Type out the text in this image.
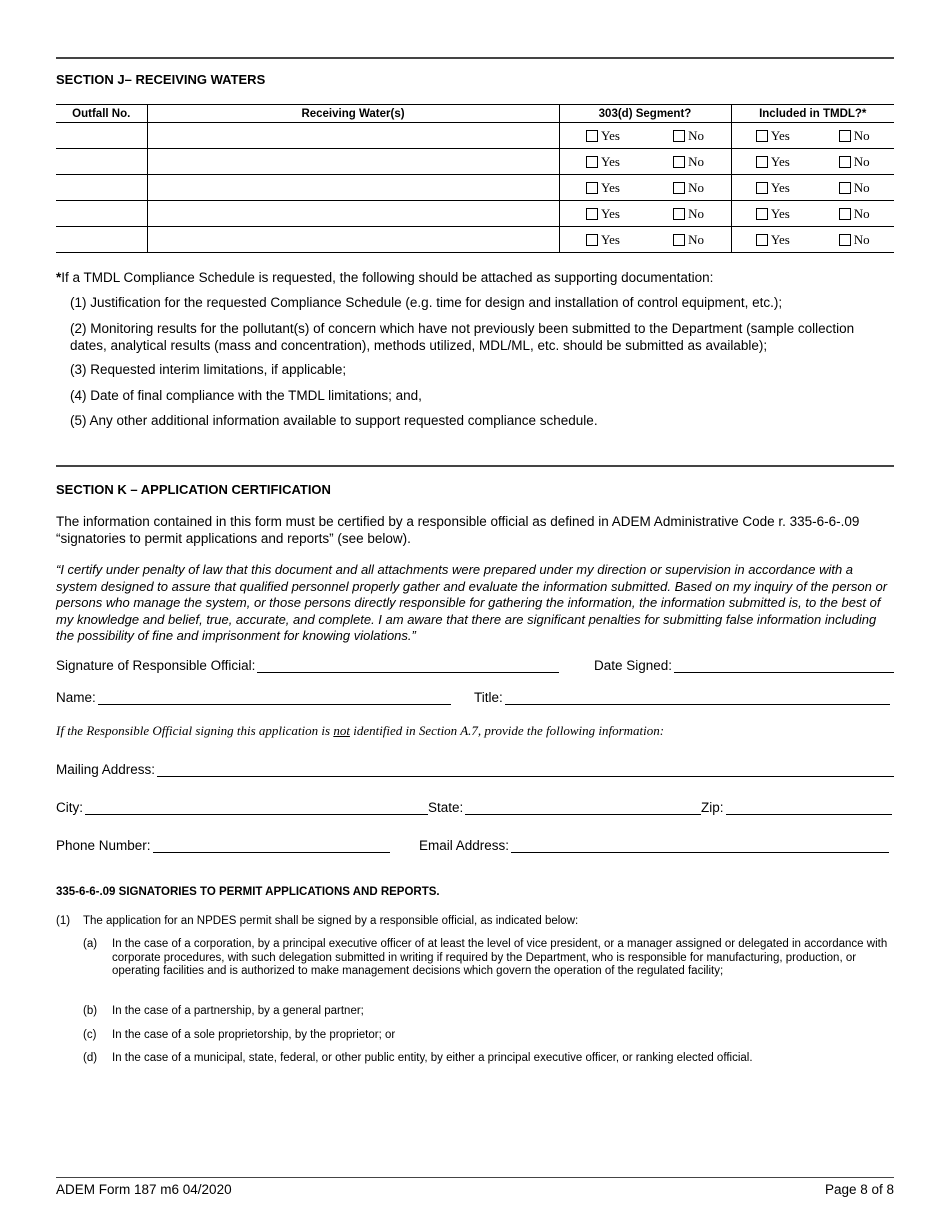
SECTION J– RECEIVING WATERS
Outfall No.	Receiving Water(s)	303(d) Segment?	Included in TMDL?*

		Yes No	Yes No

		Yes No	Yes No

		Yes No	Yes No

		Yes No	Yes No

		Yes No	Yes No
*If a TMDL Compliance Schedule is requested, the following should be attached as supporting documentation:
(1) Justification for the requested Compliance Schedule (e.g. time for design and installation of control equipment, etc.);
(2) Monitoring results for the pollutant(s) of concern which have not previously been submitted to the Department (sample collection dates, analytical results (mass and concentration), methods utilized, MDL/ML, etc. should be submitted as available);
(3) Requested interim limitations, if applicable;
(4) Date of final compliance with the TMDL limitations; and,
(5) Any other additional information available to support requested compliance schedule.
SECTION K – APPLICATION CERTIFICATION
The information contained in this form must be certified by a responsible official as defined in ADEM Administrative Code r. 335-6-6-.09 “signatories to permit applications and reports” (see below).
“I certify under penalty of law that this document and all attachments were prepared under my direction or supervision in accordance with a system designed to assure that qualified personnel properly gather and evaluate the information submitted. Based on my inquiry of the person or persons who manage the system, or those persons directly responsible for gathering the information, the information submitted is, to the best of my knowledge and belief, true, accurate, and complete. I am aware that there are significant penalties for submitting false information including the possibility of fine and imprisonment for knowing violations.”
Signature of Responsible Official:	Date Signed:
Name:	Title:
If the Responsible Official signing this application is not identified in Section A.7, provide the following information:
Mailing Address:
City:	State:	Zip:
Phone Number:	Email Address:
335-6-6-.09 SIGNATORIES TO PERMIT APPLICATIONS AND REPORTS.
(1) The application for an NPDES permit shall be signed by a responsible official, as indicated below:
(a) In the case of a corporation, by a principal executive officer of at least the level of vice president, or a manager assigned or delegated in accordance with corporate procedures, with such delegation submitted in writing if required by the Department, who is responsible for manufacturing, production, or operating facilities and is authorized to make management decisions which govern the operation of the regulated facility;
(b) In the case of a partnership, by a general partner;
(c) In the case of a sole proprietorship, by the proprietor; or
(d) In the case of a municipal, state, federal, or other public entity, by either a principal executive officer, or ranking elected official.
ADEM Form 187 m6 04/2020	Page 8 of 8
